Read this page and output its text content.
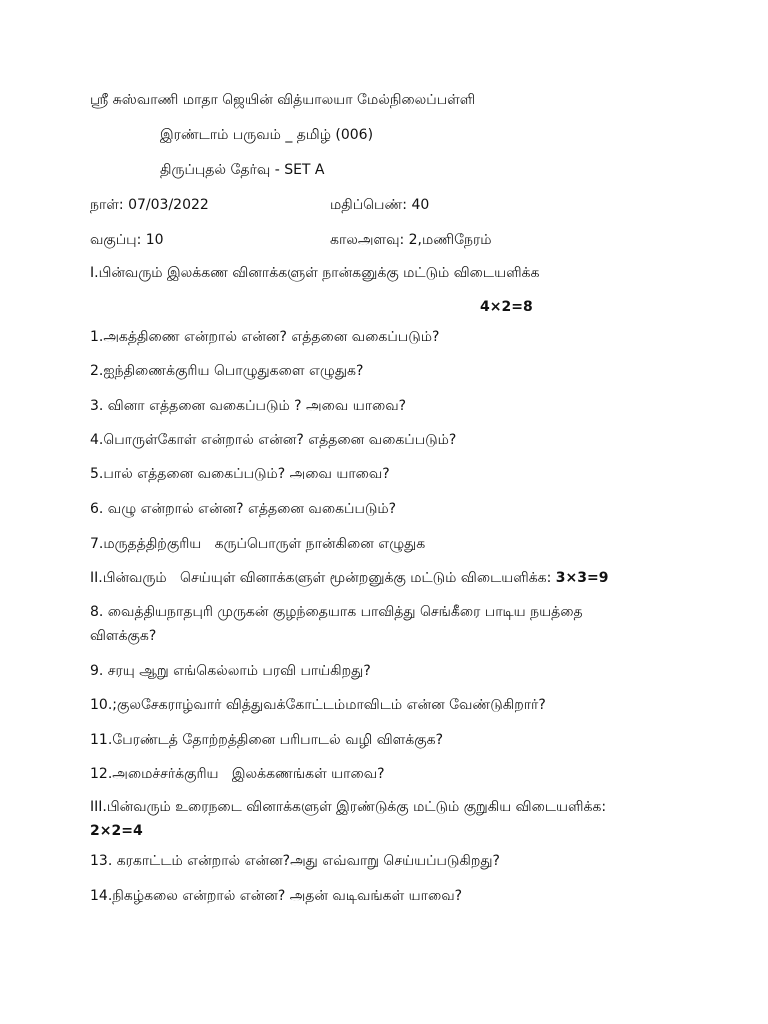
ஸ்ரீ சுஸ்வாணி மாதா ஜெயின் வித்யாலயா மேல்நிலைப்பள்ளி
இரண்டாம் பருவம் _ தமிழ் (006)
திருப்புதல் தேர்வு - SET A
நாள்: 07/03/2022	மதிப்பெண்: 40
வகுப்பு: 10	காலஅளவு: 2,மணிநேரம்
I.பின்வரும் இலக்கண வினாக்களுள் நான்கனுக்கு மட்டும் விடையளிக்க
4×2=8
1.அகத்திணை என்றால் என்ன? எத்தனை வகைப்படும்?
2.ஐந்திணைக்குரிய பொழுதுகளை எழுதுக?
3. வினா எத்தனை வகைப்படும் ? அவை யாவை?
4.பொருள்கோள் என்றால் என்ன? எத்தனை வகைப்படும்?
5.பால் எத்தனை வகைப்படும்? அவை யாவை?
6. வழு என்றால் என்ன? எத்தனை வகைப்படும்?
7.மருதத்திற்குரிய   கருப்பொருள் நான்கினை எழுதுக
II.பின்வரும்   செய்யுள் வினாக்களுள் மூன்றனுக்கு மட்டும் விடையளிக்க: 3×3=9
8. வைத்தியநாதபுரி முருகன் குழந்தையாக பாவித்து செங்கீரை பாடிய நயத்தை விளக்குக?
9. சரயு ஆறு எங்கெல்லாம் பரவி பாய்கிறது?
10.;குலசேகராழ்வார் வித்துவக்கோட்டம்மாவிடம் என்ன வேண்டுகிறார்?
11.பேரண்டத் தோற்றத்தினை பரிபாடல் வழி விளக்குக?
12.அமைச்சர்க்குரிய   இலக்கணங்கள் யாவை?
III.பின்வரும் உரைநடை வினாக்களுள் இரண்டுக்கு மட்டும் குறுகிய விடையளிக்க:
2×2=4
13. கரகாட்டம் என்றால் என்ன?அது எவ்வாறு செய்யப்படுகிறது?
14.நிகழ்கலை என்றால் என்ன? அதன் வடிவங்கள் யாவை?
